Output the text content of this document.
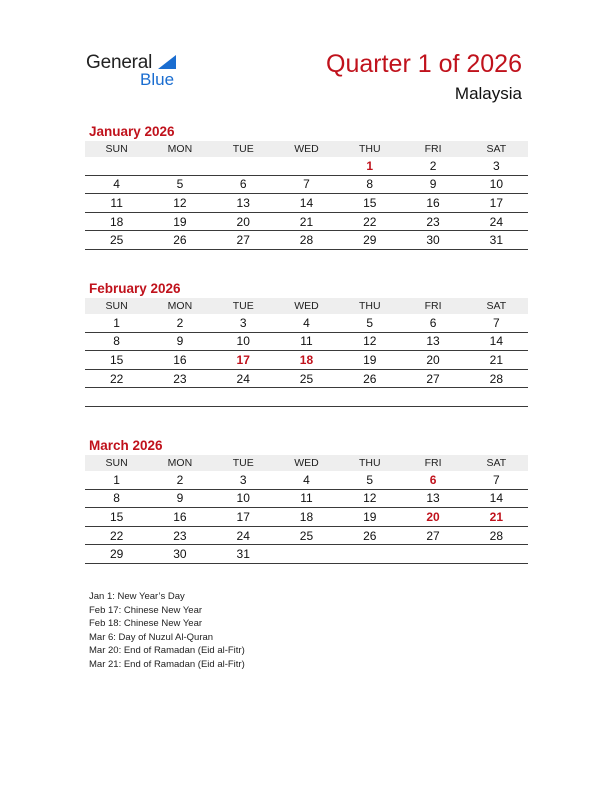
General
Blue
Quarter 1 of 2026
Malaysia
January 2026
SUN	MON	TUE	WED	THU	FRI	SAT
				1	2	3
4	5	6	7	8	9	10
11	12	13	14	15	16	17
18	19	20	21	22	23	24
25	26	27	28	29	30	31
February 2026
SUN	MON	TUE	WED	THU	FRI	SAT
1	2	3	4	5	6	7
8	9	10	11	12	13	14
15	16	17	18	19	20	21
22	23	24	25	26	27	28

March 2026
SUN	MON	TUE	WED	THU	FRI	SAT
1	2	3	4	5	6	7
8	9	10	11	12	13	14
15	16	17	18	19	20	21
22	23	24	25	26	27	28
29	30	31				
Jan 1: New Year’s Day
Feb 17: Chinese New Year
Feb 18: Chinese New Year
Mar 6: Day of Nuzul Al-Quran
Mar 20: End of Ramadan (Eid al-Fitr)
Mar 21: End of Ramadan (Eid al-Fitr)
